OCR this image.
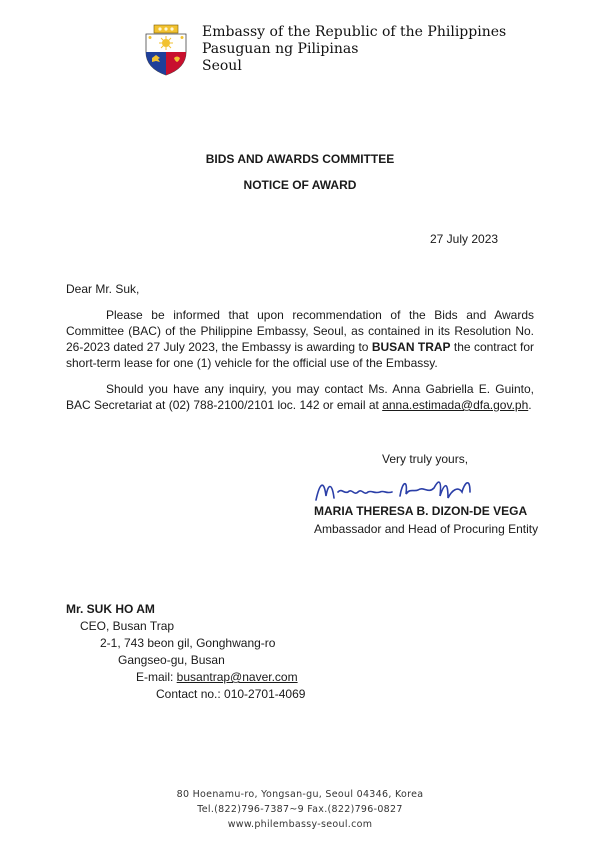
Embassy of the Republic of the Philippines
Pasuguan ng Pilipinas
Seoul
BIDS AND AWARDS COMMITTEE
NOTICE OF AWARD
27 July 2023
Dear Mr. Suk,
Please be informed that upon recommendation of the Bids and Awards Committee (BAC) of the Philippine Embassy, Seoul, as contained in its Resolution No. 26-2023 dated 27 July 2023, the Embassy is awarding to BUSAN TRAP the contract for short-term lease for one (1) vehicle for the official use of the Embassy.
Should you have any inquiry, you may contact Ms. Anna Gabriella E. Guinto, BAC Secretariat at (02) 788-2100/2101 loc. 142 or email at anna.estimada@dfa.gov.ph.
Very truly yours,
MARIA THERESA B. DIZON-DE VEGA
Ambassador and Head of Procuring Entity
Mr. SUK HO AM
CEO, Busan Trap
2-1, 743 beon gil, Gonghwang-ro
Gangseo-gu, Busan
E-mail: busantrap@naver.com
Contact no.: 010-2701-4069
80 Hoenamu-ro, Yongsan-gu, Seoul 04346, Korea
Tel.(822)796-7387~9 Fax.(822)796-0827
www.philembassy-seoul.com
